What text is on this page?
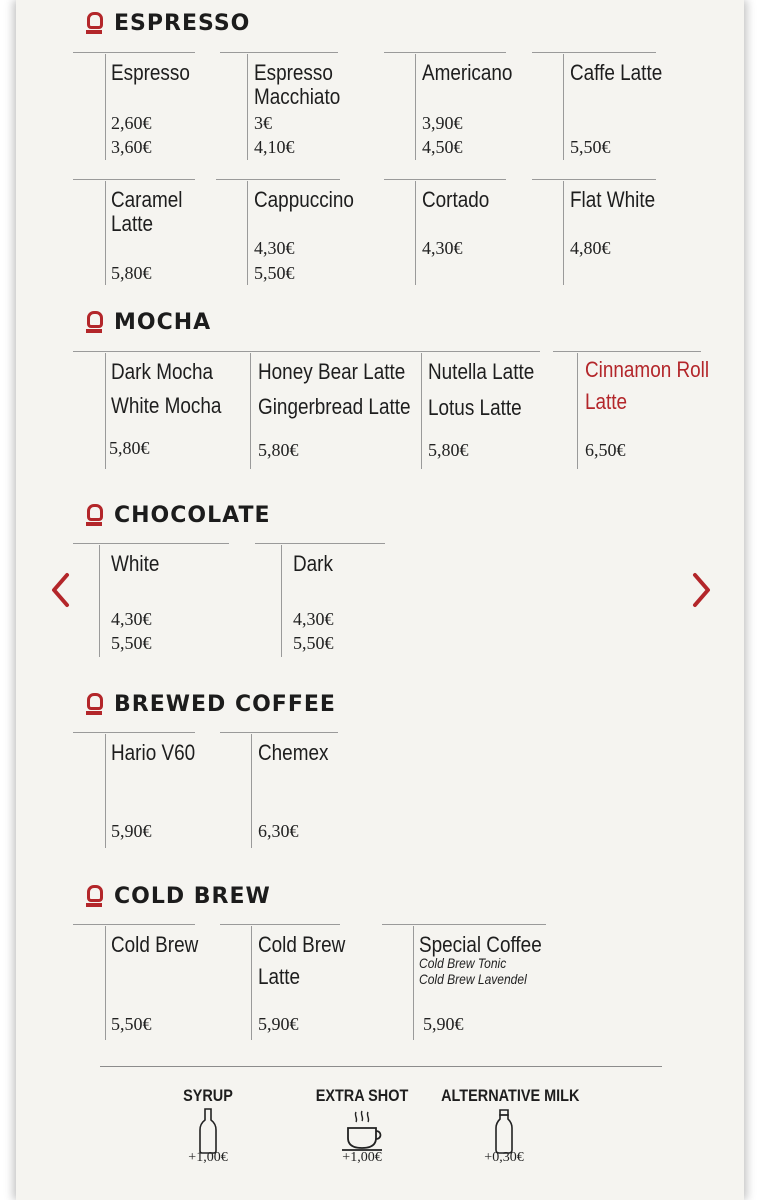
ESPRESSO
Espresso
2,60€
3,60€
Espresso
Macchiato
3€
4,10€
Americano
3,90€
4,50€
Caffe Latte
5,50€
Caramel
Latte
5,80€
Cappuccino
4,30€
5,50€
Cortado
4,30€
Flat White
4,80€
MOCHA
Dark Mocha
White Mocha
5,80€
Honey Bear Latte
Gingerbread Latte
5,80€
Nutella Latte
Lotus Latte
5,80€
Cinnamon Roll
Latte
6,50€
CHOCOLATE
White
4,30€
5,50€
Dark
4,30€
5,50€
BREWED COFFEE
Hario V60
5,90€
Chemex
6,30€
COLD BREW
Cold Brew
5,50€
Cold Brew
Latte
5,90€
Special Coffee
Cold Brew Tonic
Cold Brew Lavendel
5,90€
SYRUP
+1,00€
EXTRA SHOT
+1,00€
ALTERNATIVE MILK
+0,30€
